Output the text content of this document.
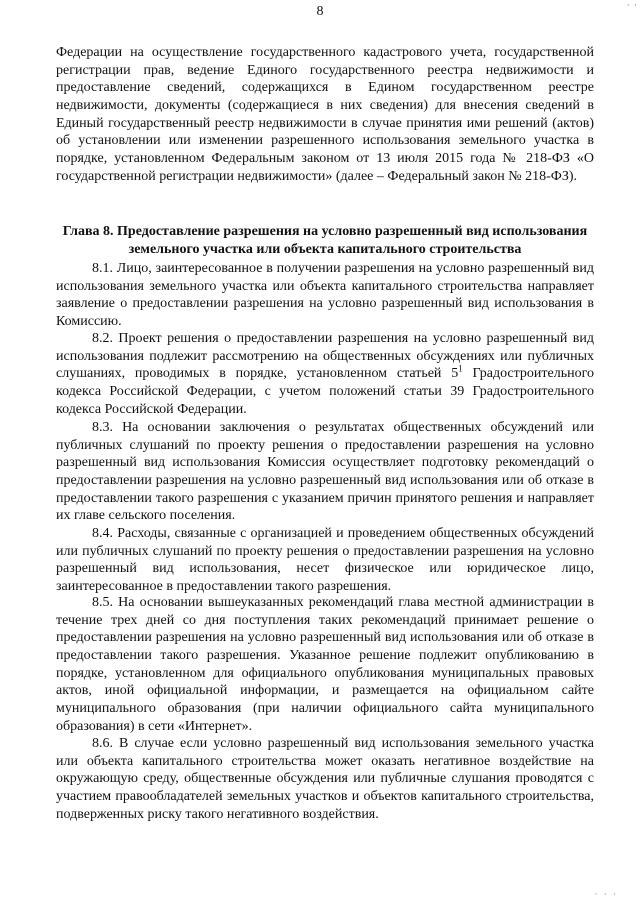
· ·
8

Федерации на осуществление государственного кадастрового учета, государственной регистрации прав, ведение Единого государственного реестра недвижимости и предоставление сведений, содержащихся в Едином государственном реестре недвижимости, документы (содержащиеся в них сведения) для внесения сведений в Единый государственный реестр недвижимости в случае принятия ими решений (актов) об установлении или изменении разрешенного использования земельного участка в порядке, установленном Федеральным законом от 13 июля 2015 года № 218-ФЗ «О государственной регистрации недвижимости» (далее – Федеральный закон № 218-ФЗ).

Глава 8. Предоставление разрешения на условно разрешенный вид использования земельного участка или объекта капитального строительства

8.1. Лицо, заинтересованное в получении разрешения на условно разрешенный вид использования земельного участка или объекта капитального строительства направляет заявление о предоставлении разрешения на условно разрешенный вид использования в Комиссию.

8.2. Проект решения о предоставлении разрешения на условно разрешенный вид использования подлежит рассмотрению на общественных обсуждениях или публичных слушаниях, проводимых в порядке, установленном статьей $5^1$ Градостроительного кодекса Российской Федерации, с учетом положений статьи 39 Градостроительного кодекса Российской Федерации.

8.3. На основании заключения о результатах общественных обсуждений или публичных слушаний по проекту решения о предоставлении разрешения на условно разрешенный вид использования Комиссия осуществляет подготовку рекомендаций о предоставлении разрешения на условно разрешенный вид использования или об отказе в предоставлении такого разрешения с указанием причин принятого решения и направляет их главе сельского поселения.

8.4. Расходы, связанные с организацией и проведением общественных обсуждений или публичных слушаний по проекту решения о предоставлении разрешения на условно разрешенный вид использования, несет физическое или юридическое лицо, заинтересованное в предоставлении такого разрешения.

8.5. На основании вышеуказанных рекомендаций глава местной администрации в течение трех дней со дня поступления таких рекомендаций принимает решение о предоставлении разрешения на условно разрешенный вид использования или об отказе в предоставлении такого разрешения. Указанное решение подлежит опубликованию в порядке, установленном для официального опубликования муниципальных правовых актов, иной официальной информации, и размещается на официальном сайте муниципального образования (при наличии официального сайта муниципального образования) в сети «Интернет».

8.6. В случае если условно разрешенный вид использования земельного участка или объекта капитального строительства может оказать негативное воздействие на окружающую среду, общественные обсуждения или публичные слушания проводятся с участием правообладателей земельных участков и объектов капитального строительства, подверженных риску такого негативного воздействия.

· · ·
